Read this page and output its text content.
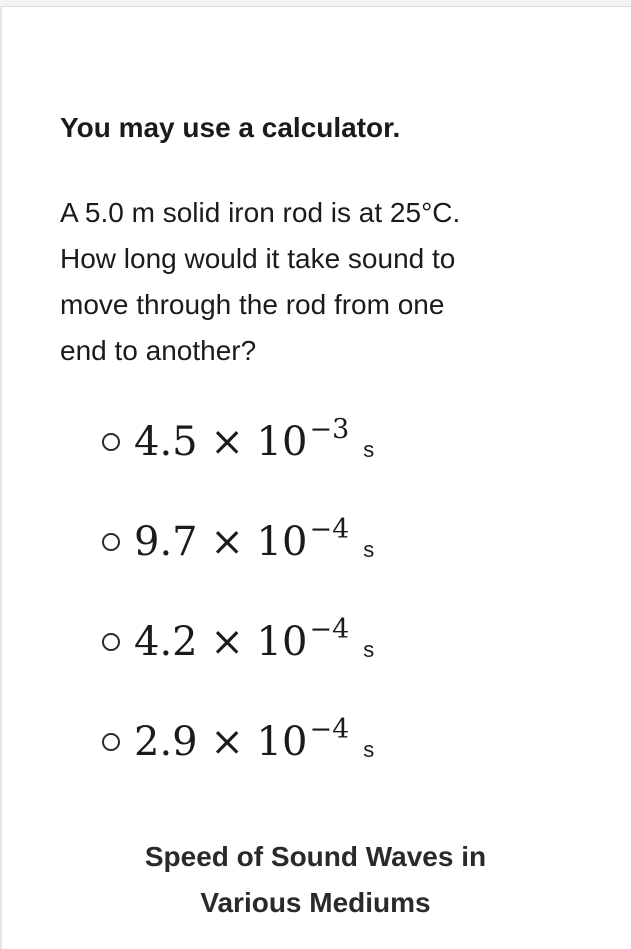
You may use a calculator.
A 5.0 m solid iron rod is at 25°C.
How long would it take sound to
move through the rod from one
end to another?
$4.5 \times 10^{-3}s$
$9.7 \times 10^{-4}s$
$4.2 \times 10^{-4}s$
$2.9 \times 10^{-4}s$
Speed of Sound Waves in
Various Mediums
